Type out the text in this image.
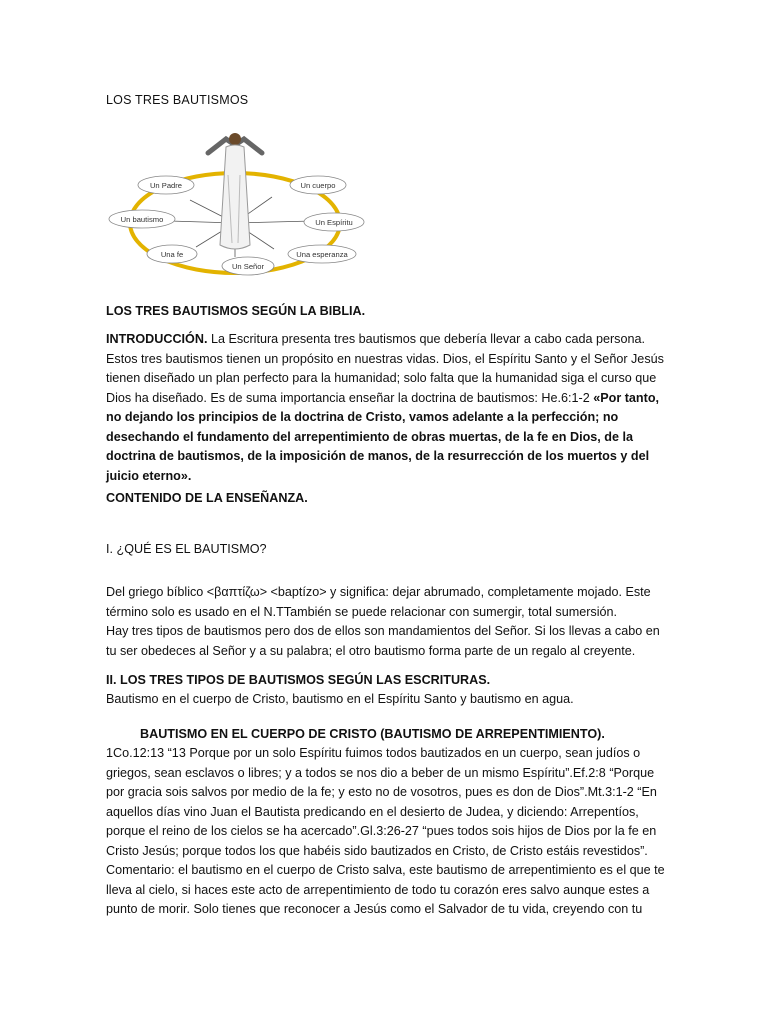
LOS TRES BAUTISMOS
Un Padre	Un cuerpo
Un bautismo	Un Espíritu
Una fe	Una esperanza
Un Señor
LOS TRES BAUTISMOS SEGÚN LA BIBLIA.

INTRODUCCIÓN. La Escritura presenta tres bautismos que debería llevar a cabo cada persona. Estos tres bautismos tienen un propósito en nuestras vidas. Dios, el Espíritu Santo y el Señor Jesús tienen diseñado un plan perfecto para la humanidad; solo falta que la humanidad siga el curso que Dios ha diseñado. Es de suma importancia enseñar la doctrina de bautismos: He.6:1-2 «Por tanto, no dejando los principios de la doctrina de Cristo, vamos adelante a la perfección; no desechando el fundamento del arrepentimiento de obras muertas, de la fe en Dios, de la doctrina de bautismos, de la imposición de manos, de la resurrección de los muertos y del juicio eterno».

CONTENIDO DE LA ENSEÑANZA.
I. ¿QUÉ ES EL BAUTISMO?

Del griego bíblico <βαπτίζω> <baptízo> y significa: dejar abrumado, completamente mojado. Este término solo es usado en el N.TTambién se puede relacionar con sumergir, total sumersión.

Hay tres tipos de bautismos pero dos de ellos son mandamientos del Señor. Si los llevas a cabo en tu ser obedeces al Señor y a su palabra; el otro bautismo forma parte de un regalo al creyente.

II. LOS TRES TIPOS DE BAUTISMOS SEGÚN LAS ESCRITURAS.
Bautismo en el cuerpo de Cristo, bautismo en el Espíritu Santo y bautismo en agua.
BAUTISMO EN EL CUERPO DE CRISTO (BAUTISMO DE ARREPENTIMIENTO).

1Co.12:13 “13 Porque por un solo Espíritu fuimos todos bautizados en un cuerpo, sean judíos o griegos, sean esclavos o libres; y a todos se nos dio a beber de un mismo Espíritu”.Ef.2:8 “Porque por gracia sois salvos por medio de la fe; y esto no de vosotros, pues es don de Dios”.Mt.3:1-2 “En aquellos días vino Juan el Bautista predicando en el desierto de Judea, y diciendo: Arrepentíos, porque el reino de los cielos se ha acercado”.Gl.3:26-27 “pues todos sois hijos de Dios por la fe en Cristo Jesús; porque todos los que habéis sido bautizados en Cristo, de Cristo estáis revestidos”.

Comentario: el bautismo en el cuerpo de Cristo salva, este bautismo de arrepentimiento es el que te lleva al cielo, si haces este acto de arrepentimiento de todo tu corazón eres salvo aunque estes a punto de morir. Solo tienes que reconocer a Jesús como el Salvador de tu vida, creyendo con tu
